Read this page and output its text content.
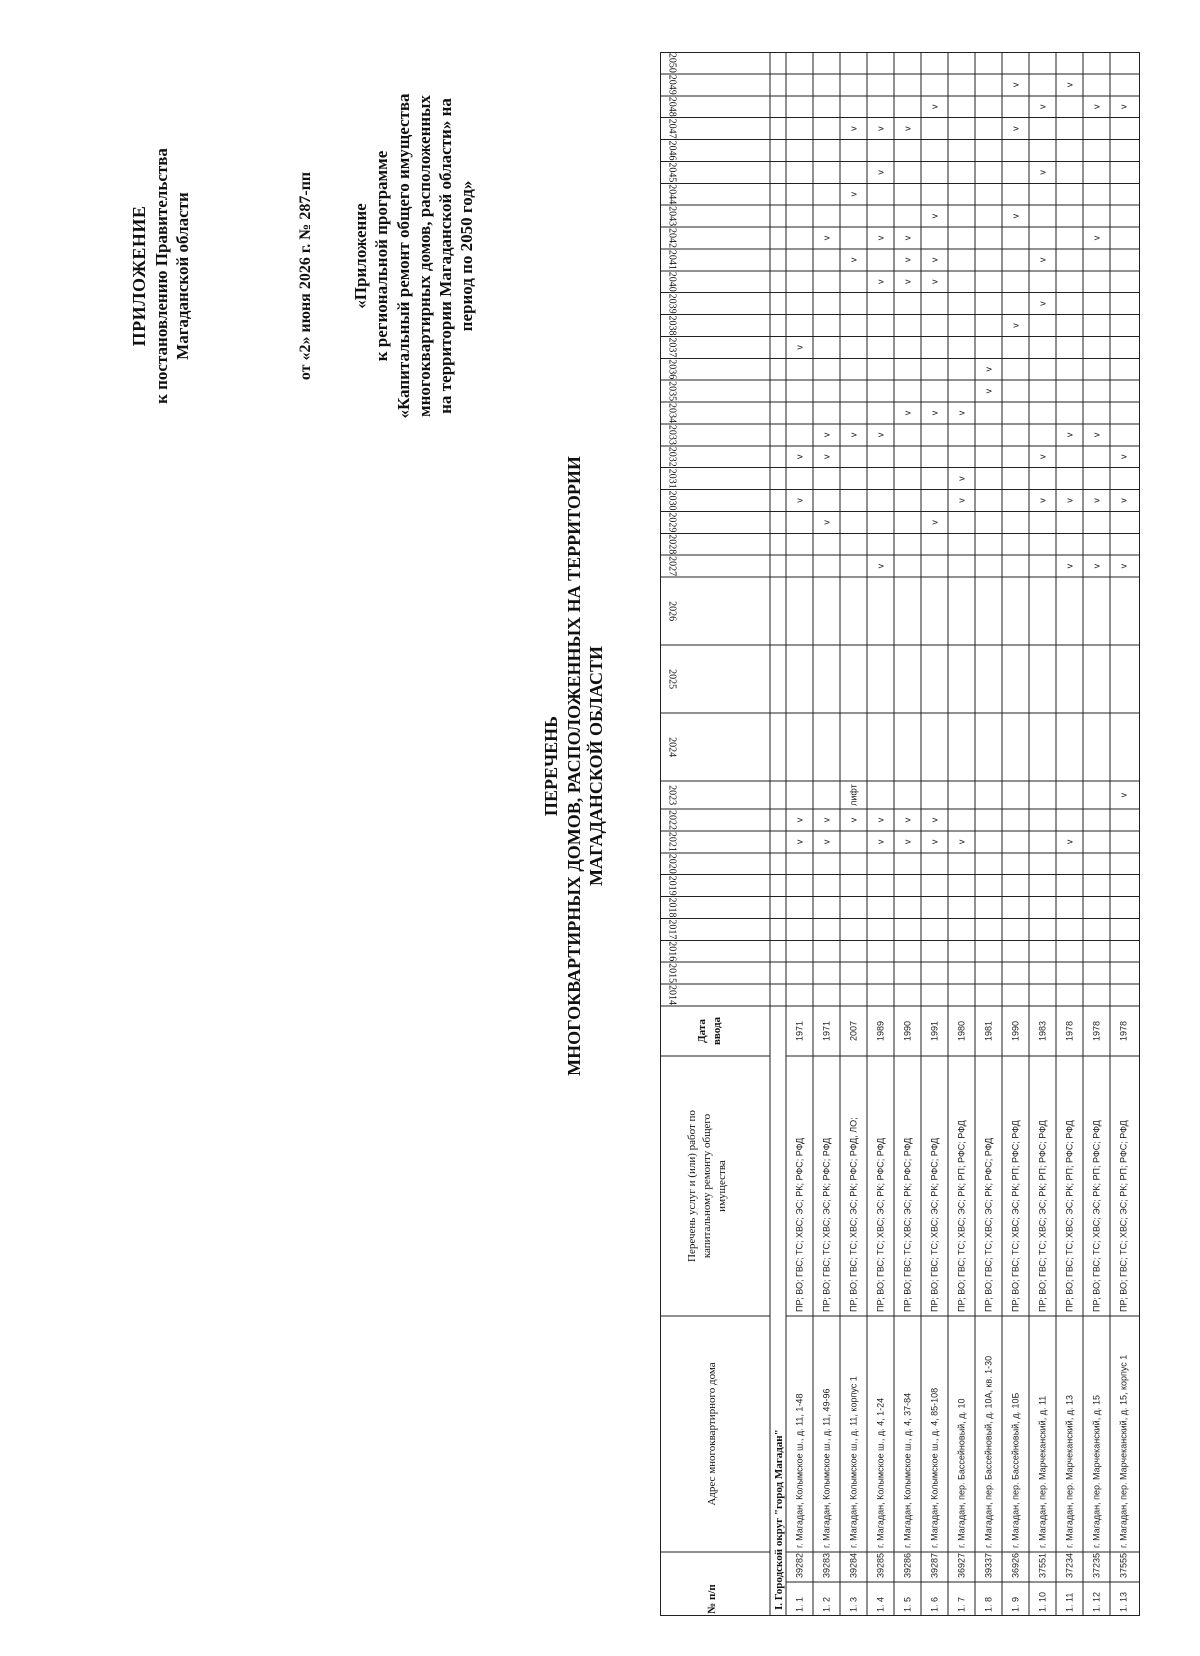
ПРИЛОЖЕНИЕ к постановлению Правительства Магаданской области	от «2» июня 2026 г. № 287-пп «Приложение к региональной программе «Капитальный ремонт общего имущества многоквартирных домов, расположенных на территории Магаданской области» на период по 2050 год»
ПЕРЕЧЕНЬ МНОГОКВАРТИРНЫХ ДОМОВ, РАСПОЛОЖЕННЫХ НА ТЕРРИТОРИИ МАГАДАНСКОЙ ОБЛАСТИ
№ п/п
Адрес многоквартирного дома
Перечень услуг и (или) работ по капитальному ремонту общего имущества
Дата ввода
2014
2015
2016
2017
2018
2019
2020
2021
2022
2023
2024
2025
2026
2027
2028
2029
2030
2031
2032
2033
2034
2035
2036
2037
2038
2039
2040
2041
2042
2043
2044
2045
2046
2047
2048
2049
2050
I. Городской округ "город Магадан" 1. 1
39282
г. Магадан, Колымское ш., д. 11, 1-48
ПР; ВО; ГВС; ТС; ХВС; ЭС; РК; РФС; РФД
1971
v
v
v
v
v
1. 2
39283
г. Магадан, Колымское ш., д. 11, 49-96
ПР; ВО; ГВС; ТС; ХВС; ЭС; РК; РФС; РФД
1971
v
v
v
v
v
v
1. 3
39284
г. Магадан, Колымское ш., д. 11, корпус 1
ПР; ВО; ГВС; ТС; ХВС; ЭС; РК; РФС; РФД, ЛО;
2007
v
v
v
v
v
лифт
1. 4
39285
г. Магадан, Колымское ш., д. 4, 1-24
ПР; ВО; ГВС; ТС; ХВС; ЭС; РК; РФС; РФД
1989
v
v
v
v
v
v
v
v
1. 5
39286
г. Магадан, Колымское ш., д. 4, 37-84
ПР; ВО; ГВС; ТС; ХВС; ЭС; РК; РФС; РФД
1990
v
v
v
v
v
v
v
1. 6
39287
г. Магадан, Колымское ш., д. 4, 85-108
ПР; ВО; ГВС; ТС; ХВС; ЭС; РК; РФС; РФД
1991
v
v
v
v
v
v
v
v
1. 7
36927
г. Магадан, пер. Бассейновый, д. 10
ПР; ВО; ГВС; ТС; ХВС; ЭС; РК; РП; РФС; РФД
1980
v
v
v
v
1. 8
39337
г. Магадан, пер. Бассейновый, д. 10А, кв. 1-30
ПР; ВО; ГВС; ТС; ХВС; ЭС; РК; РФС; РФД
1981
v
v
1. 9
36926
г. Магадан, пер. Бассейновый, д. 10Б
ПР; ВО; ГВС; ТС; ХВС; ЭС; РК; РП; РФС; РФД
1990
v
v
v
v
1. 10
37551
г. Магадан, пер. Марчеканский, д. 11
ПР; ВО; ГВС; ТС; ХВС; ЭС; РК; РП; РФС; РФД
1983
v
v
v
v
v
v
1. 11
37234
г. Магадан, пер. Марчеканский, д. 13
ПР; ВО; ГВС; ТС; ХВС; ЭС; РК; РП; РФС; РФД
1978
v
v
v
v
v
1. 12
37235
г. Магадан, пер. Марчеканский, д. 15
ПР; ВО; ГВС; ТС; ХВС; ЭС; РК; РП; РФС; РФД
1978
v
v
v
v
v
1. 13
37555
г. Магадан, пер. Марчеканский, д. 15, корпус 1
ПР; ВО; ГВС; ТС; ХВС; ЭС; РК; РП; РФС; РФД
1978
v
v
v
v
v
